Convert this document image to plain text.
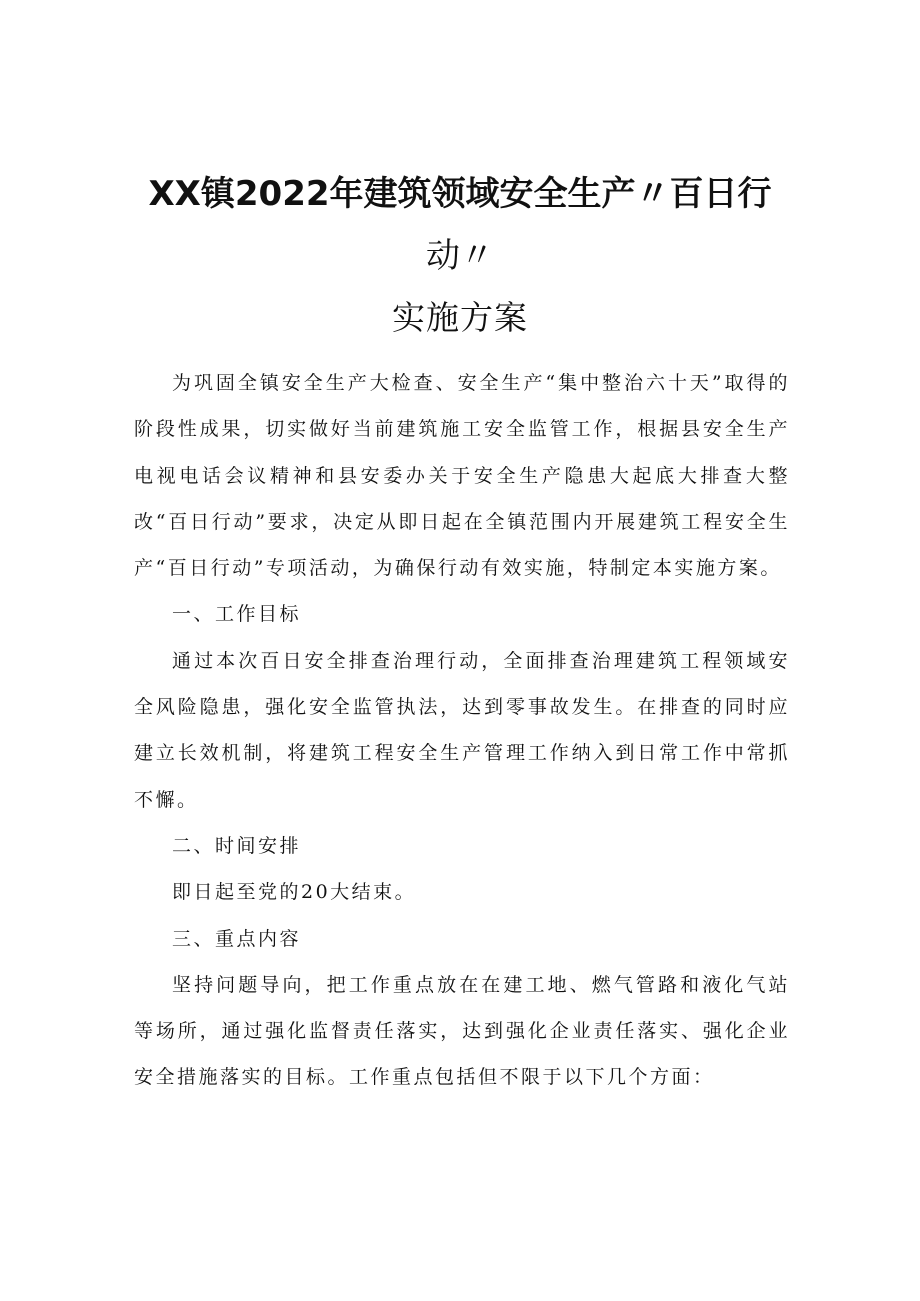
XX镇2022年建筑领域安全生产〃百日行
动〃
实施方案

为巩固全镇安全生产大检查、安全生产“集中整治六十天”取得的阶段性成果，切实做好当前建筑施工安全监管工作，根据县安全生产电视电话会议精神和县安委办关于安全生产隐患大起底大排查大整改“百日行动”要求，决定从即日起在全镇范围内开展建筑工程安全生产“百日行动”专项活动，为确保行动有效实施，特制定本实施方案。

一、工作目标

通过本次百日安全排查治理行动，全面排查治理建筑工程领域安全风险隐患，强化安全监管执法，达到零事故发生。在排查的同时应建立长效机制，将建筑工程安全生产管理工作纳入到日常工作中常抓不懈。

二、时间安排

即日起至党的20大结束。

三、重点内容

坚持问题导向，把工作重点放在在建工地、燃气管路和液化气站等场所，通过强化监督责任落实，达到强化企业责任落实、强化企业安全措施落实的目标。工作重点包括但不限于以下几个方面：
